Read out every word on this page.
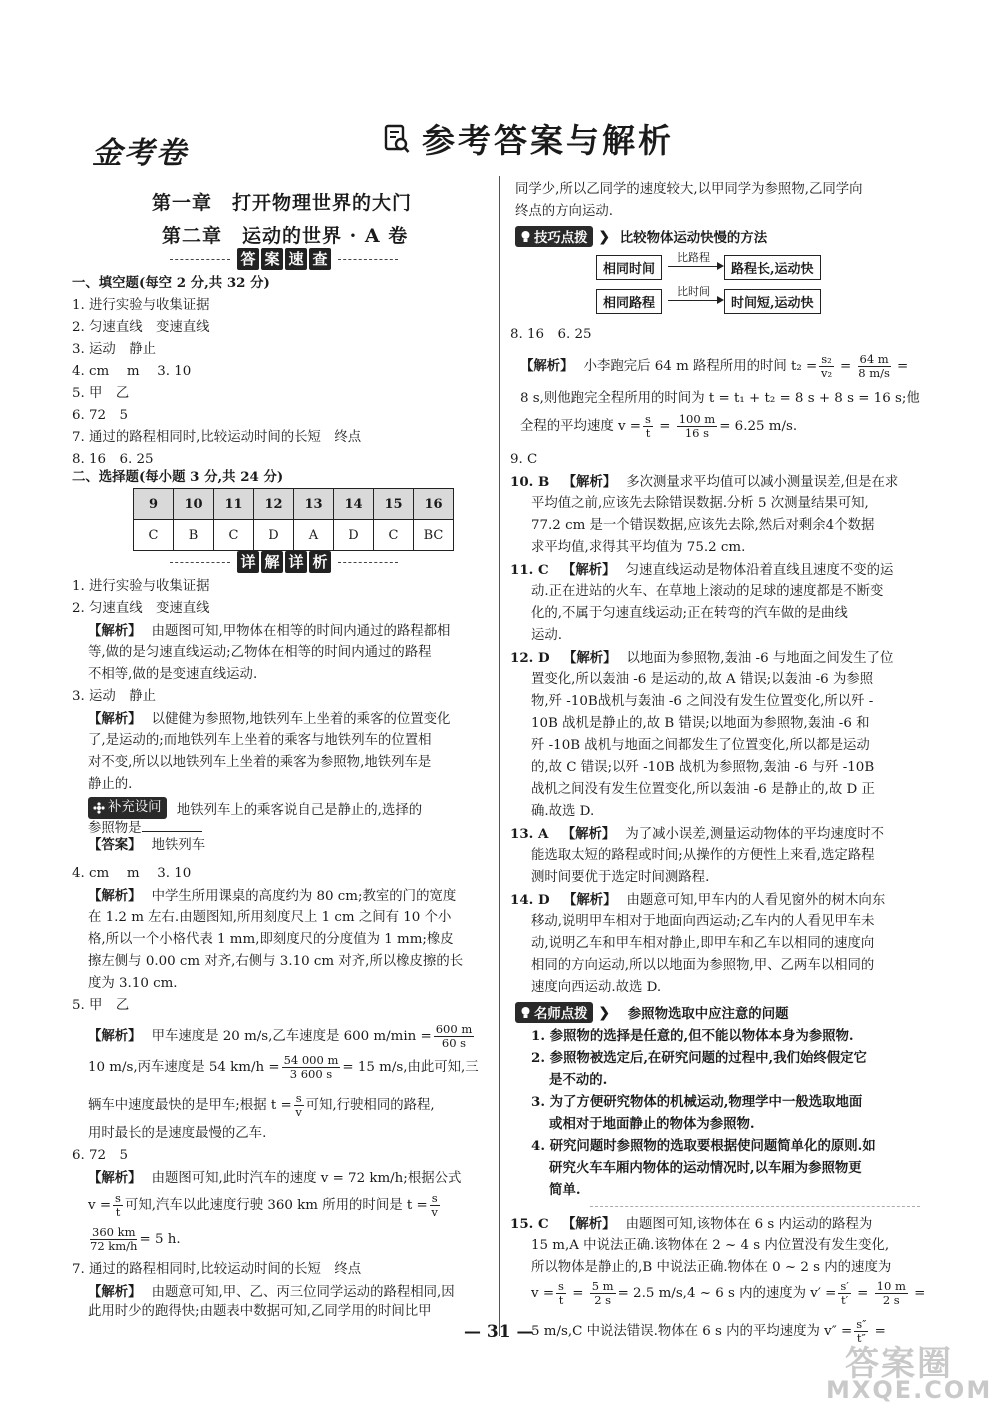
金考卷	参考答案与解析
第一章　打开物理世界的大门
第二章　运动的世界 · A 卷
答 案 速 查
一、填空题(每空 2 分,共 32 分)
1. 进行实验与收集证据
2. 匀速直线　变速直线
3. 运动　静止
4. cm　 m　 3. 10
5. 甲　乙
6. 72　5
7. 通过的路程相同时,比较运动时间的长短　终点
8. 16　6. 25
二、选择题(每小题 3 分,共 24 分)
9	10	11	12	13	14	15	16
C	B	C	D	A	D	C	BC
详 解 详 析
1. 进行实验与收集证据
2. 匀速直线　变速直线
【解析】 由题图可知,甲物体在相等的时间内通过的路程都相
等,做的是匀速直线运动;乙物体在相等的时间内通过的路程
不相等,做的是变速直线运动.
3. 运动　静止
【解析】 以健健为参照物,地铁列车上坐着的乘客的位置变化
了,是运动的;而地铁列车上坐着的乘客与地铁列车的位置相
对不变,所以以地铁列车上坐着的乘客为参照物,地铁列车是
静止的.
补充设问 地铁列车上的乘客说自己是静止的,选择的
参照物是
【答案】 地铁列车
4. cm　 m　 3. 10
【解析】 中学生所用课桌的高度约为 80 cm;教室的门的宽度
在 1.2 m 左右.由题图知,所用刻度尺上 1 cm 之间有 10 个小
格,所以一个小格代表 1 mm,即刻度尺的分度值为 1 mm;橡皮
擦左侧与 0.00 cm 对齐,右侧与 3.10 cm 对齐,所以橡皮擦的长
度为 3.10 cm.
5. 甲　乙
【解析】 甲车速度是 20 m/s,乙车速度是 600 $m/\min = \frac{600 m}{60 s}$
10 m/s,丙车速度是 54 $km/h = \frac{54 000 m}{3 600 s} = 15$ m/s,由此可知,三
辆车中速度最快的是甲车;根据 $t = \frac{s}{v}$ 可知,行驶相同的路程,
用时最长的是速度最慢的乙车.
6. 72　5
【解析】 由题图可知,此时汽车的速度 v = 72 km/h;根据公式
$v = \frac{s}{t}$ 可知,汽车以此速度行驶 360 km 所用的时间是 $t = \frac{s}{v}$
$\frac{360 km}{72 km/h} = 5$ h.
7. 通过的路程相同时,比较运动时间的长短　终点
【解析】 由题意可知,甲、乙、丙三位同学运动的路程相同,因
此用时少的跑得快;由题表中数据可知,乙同学用的时间比甲
同学少,所以乙同学的速度较大,以甲同学为参照物,乙同学向
终点的方向运动.
技巧点拨 ❯ 比较物体运动快慢的方法
相同时间
比路程
路程长,运动快
相同路程
比时间
时间短,运动快
8. 16　6. 25
【解析】 小李跑完后 64 m 路程所用的时间 $t_2 = \frac{\text{s₂}}{\text{v₂}} = \frac{64 m}{8 m/s}$ =
8 s,则他跑完全程所用的时间为 t = t₁ + t₂ = 8 s + 8 s = 16 s;他
全程的平均速度 $v = \frac{s}{t} = \frac{100 m}{16 s} = 6.25$ m/s.
9. C
10. B　 【解析】 多次测量求平均值可以减小测量误差,但是在求
平均值之前,应该先去除错误数据.分析 5 次测量结果可知,
77.2 cm 是一个错误数据,应该先去除,然后对剩余4个数据
求平均值,求得其平均值为 75.2 cm.
11. C　 【解析】 匀速直线运动是物体沿着直线且速度不变的运
动.正在进站的火车、在草地上滚动的足球的速度都是不断变
化的,不属于匀速直线运动;正在转弯的汽车做的是曲线
运动.
12. D　 【解析】 以地面为参照物,轰油 -6 与地面之间发生了位
置变化,所以轰油 -6 是运动的,故 A 错误;以轰油 -6 为参照
物,歼 -10B战机与轰油 -6 之间没有发生位置变化,所以歼 -
10B 战机是静止的,故 B 错误;以地面为参照物,轰油 -6 和
歼 -10B 战机与地面之间都发生了位置变化,所以都是运动
的,故 C 错误;以歼 -10B 战机为参照物,轰油 -6 与歼 -10B
战机之间没有发生位置变化,所以轰油 -6 是静止的,故 D 正
确.故选 D.
13. A　 【解析】 为了减小误差,测量运动物体的平均速度时不
能选取太短的路程或时间;从操作的方便性上来看,选定路程
测时间要优于选定时间测路程.
14. D　 【解析】 由题意可知,甲车内的人看见窗外的树木向东
移动,说明甲车相对于地面向西运动;乙车内的人看见甲车未
动,说明乙车和甲车相对静止,即甲车和乙车以相同的速度向
相同的方向运动,所以以地面为参照物,甲、乙两车以相同的
速度向西运动.故选 D.
名师点拨 ❯ 参照物选取中应注意的问题
1. 参照物的选择是任意的,但不能以物体本身为参照物.
2. 参照物被选定后,在研究问题的过程中,我们始终假定它
　 是不动的.
3. 为了方便研究物体的机械运动,物理学中一般选取地面
　 或相对于地面静止的物体为参照物.
4. 研究问题时参照物的选取要根据使问题简单化的原则.如
　 研究火车车厢内物体的运动情况时,以车厢为参照物更
　 简单.
15. C　 【解析】 由题图可知,该物体在 6 s 内运动的路程为
15 m,A 中说法正确.该物体在 2 ~ 4 s 内位置没有发生变化,
所以物体是静止的,B 中说法正确.物体在 0 ~ 2 s 内的速度为
$v = \frac{s}{t} = \frac{5 m}{2 s} = 2.5$ m/s,4 ~ 6 s 内的速度为 $v' = \frac{s'}{t'} = \frac{10 m}{2 s}$ =
5 m/s,C 中说法错误.物体在 6 s 内的平均速度为 $v'' = \frac{s''}{t''}$ =
— 31 —
答案圈
MXQE.COM
